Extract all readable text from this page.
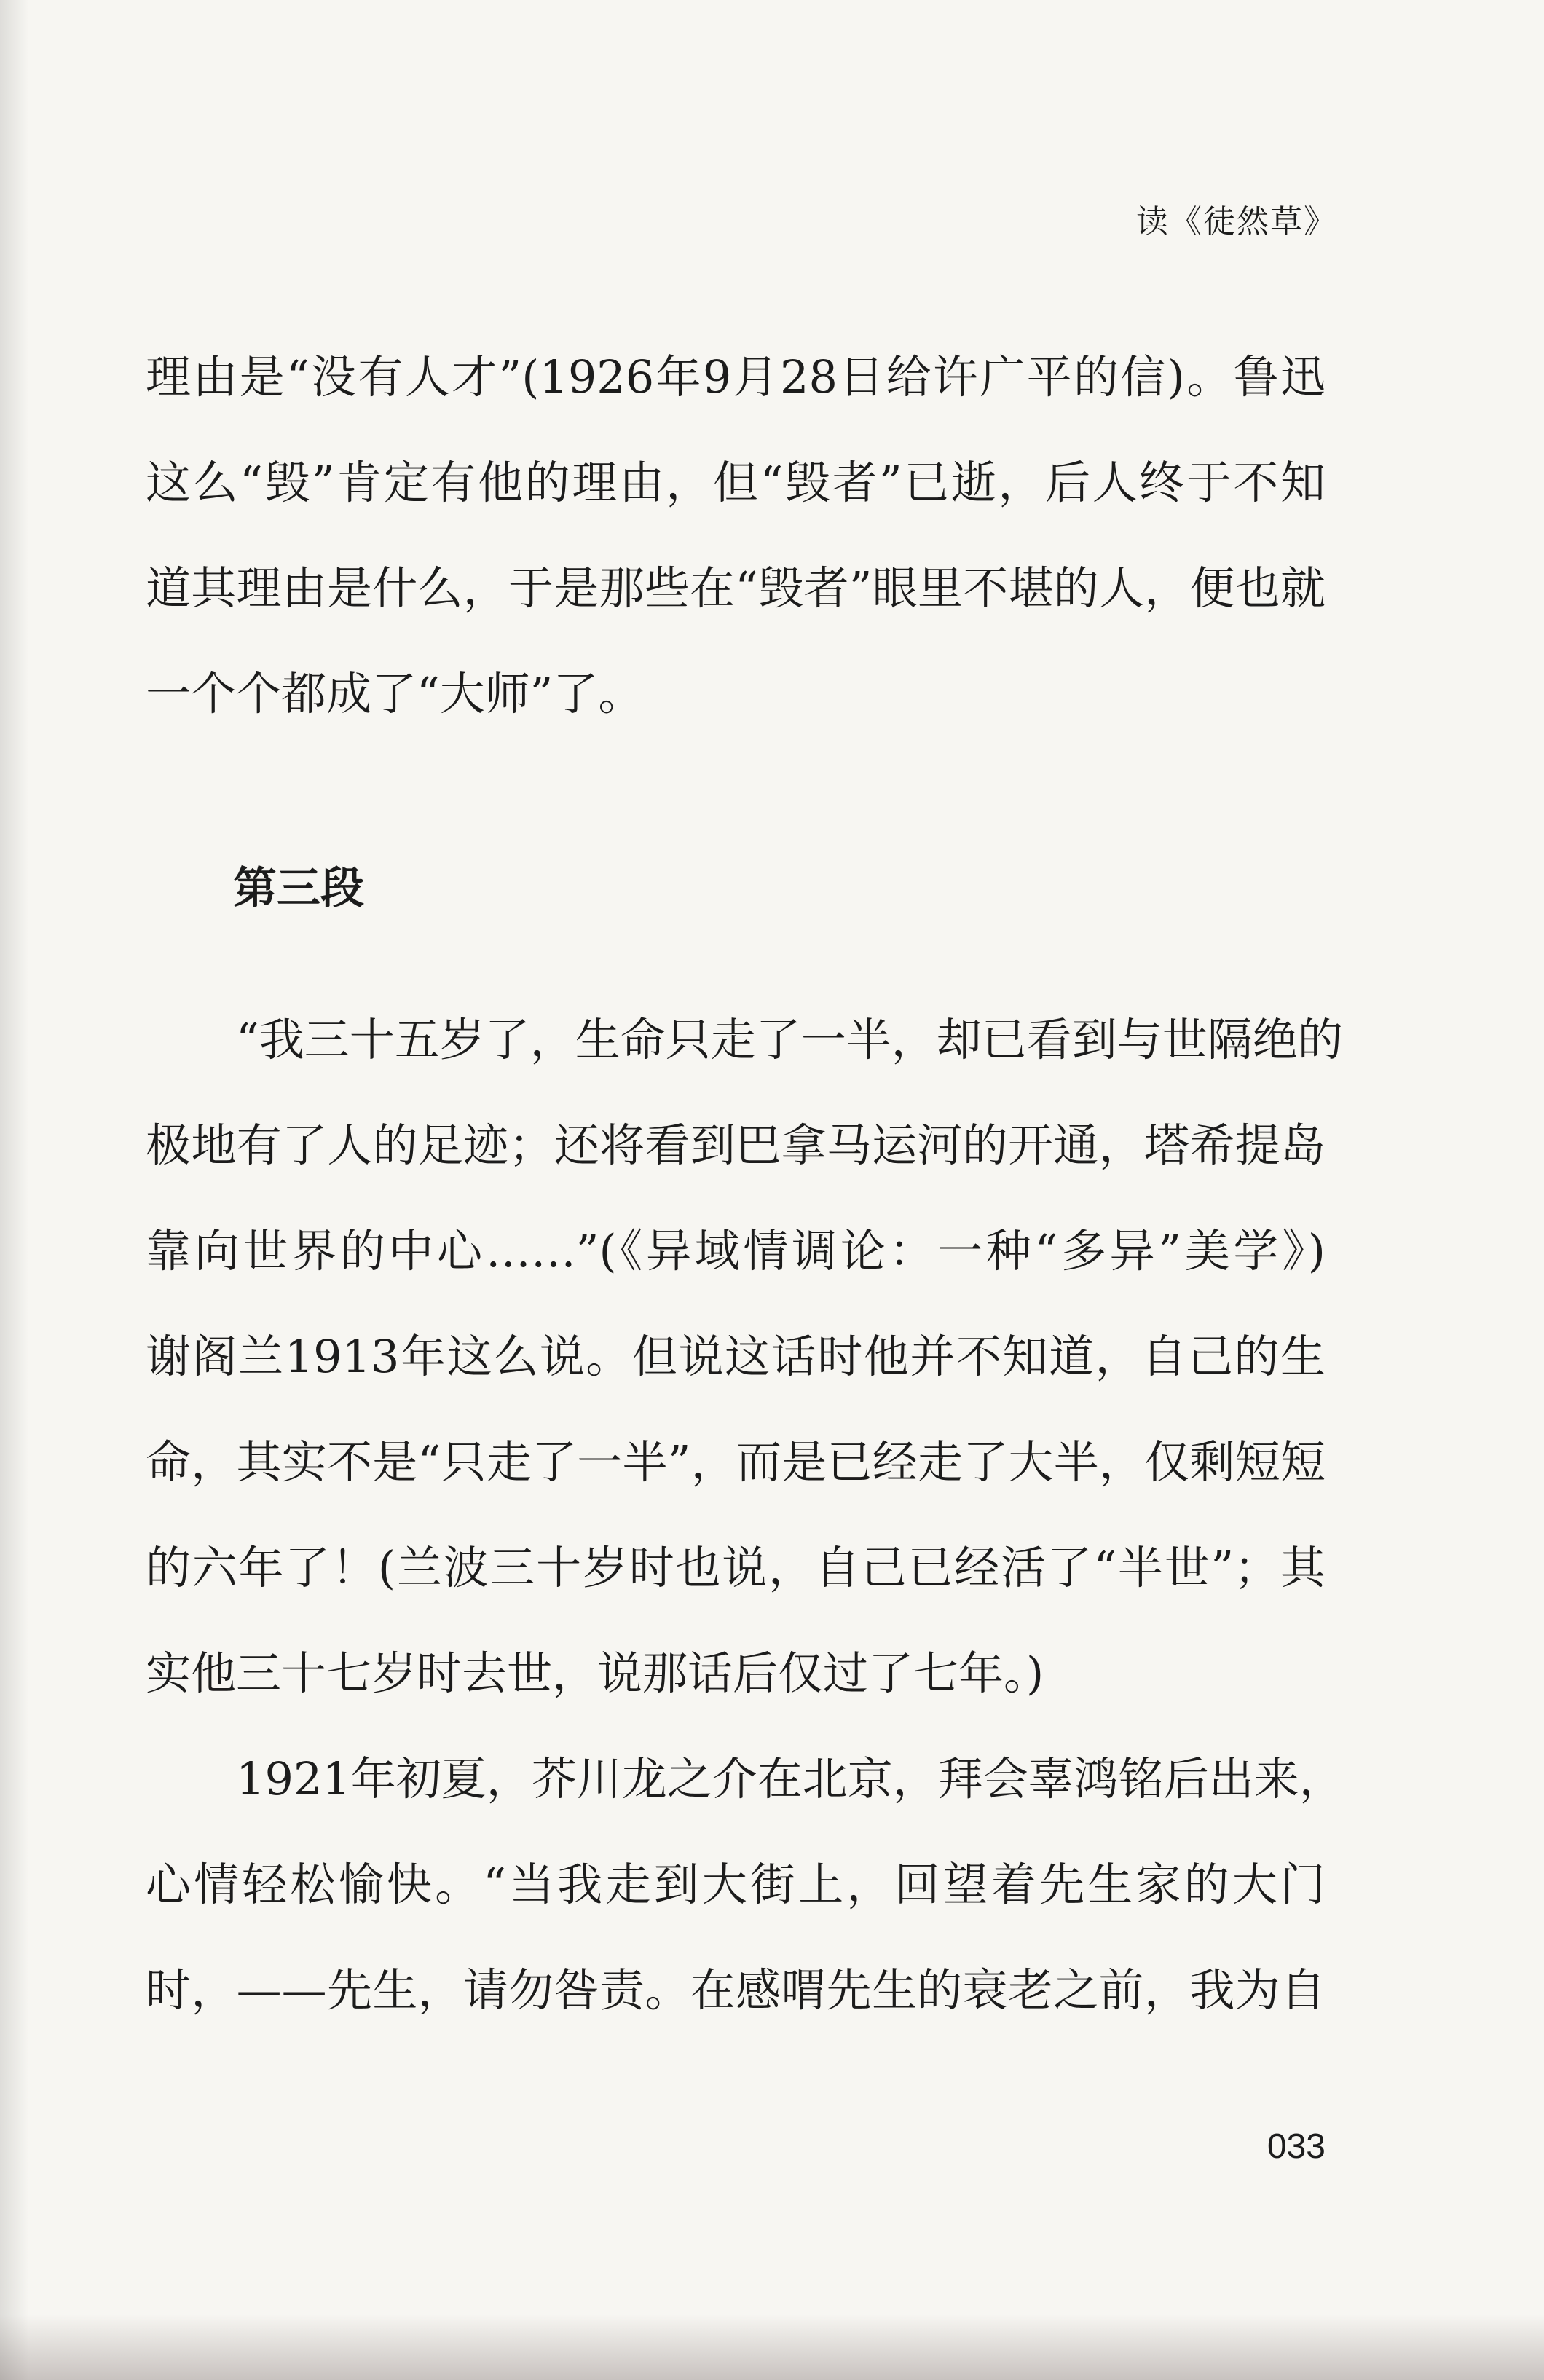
读《徒然草》

理由是“没有人才”(1926年9月28日给许广平的信)。鲁迅
这么“毁”肯定有他的理由，但“毁者”已逝，后人终于不知
道其理由是什么，于是那些在“毁者”眼里不堪的人，便也就
一个个都成了“大师”了。

第三段

“我三十五岁了，生命只走了一半，却已看到与世隔绝的
极地有了人的足迹；还将看到巴拿马运河的开通，塔希提岛
靠向世界的中心……”(《异域情调论：一种“多异”美学》)
谢阁兰1913年这么说。但说这话时他并不知道，自己的生
命，其实不是“只走了一半”，而是已经走了大半，仅剩短短
的六年了！(兰波三十岁时也说，自己已经活了“半世”；其
实他三十七岁时去世，说那话后仅过了七年。)

1921年初夏，芥川龙之介在北京，拜会辜鸿铭后出来，
心情轻松愉快。“当我走到大街上，回望着先生家的大门
时，——先生，请勿咎责。在感喟先生的衰老之前，我为自

033
